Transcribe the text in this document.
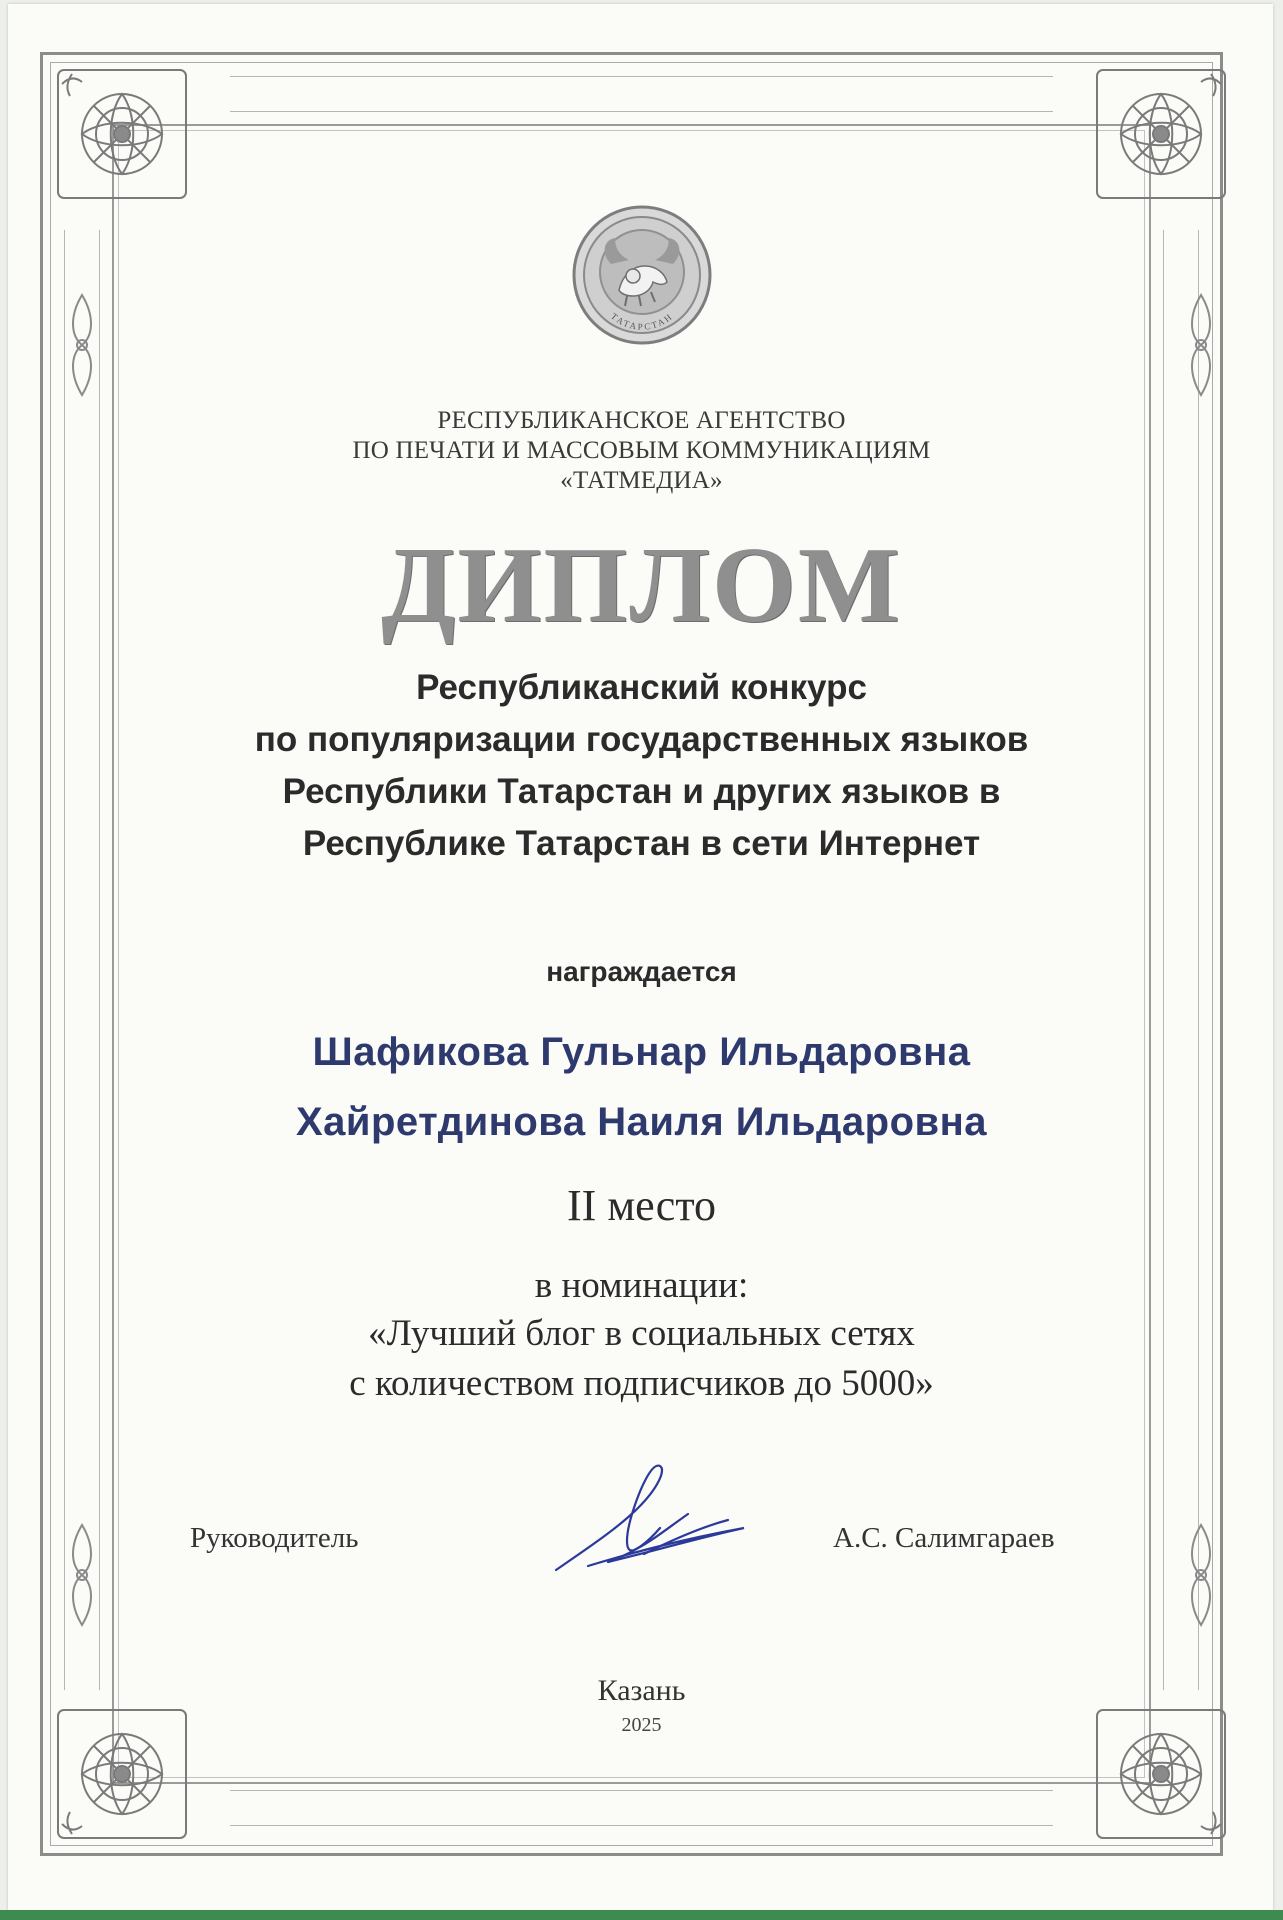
ТАТАРСТАН
РЕСПУБЛИКАНСКОЕ АГЕНТСТВО
ПО ПЕЧАТИ И МАССОВЫМ КОММУНИКАЦИЯМ
«ТАТМЕДИА»
ДИПЛОМ
Республиканский конкурс
по популяризации государственных языков
Республики Татарстан и других языков в
Республике Татарстан в сети Интернет
награждается
Шафикова Гульнар Ильдаровна
Хайретдинова Наиля Ильдаровна
II место
в номинации:
«Лучший блог в социальных сетях
с количеством подписчиков до 5000»
Руководитель	А.С. Салимгараев
Казань
2025
